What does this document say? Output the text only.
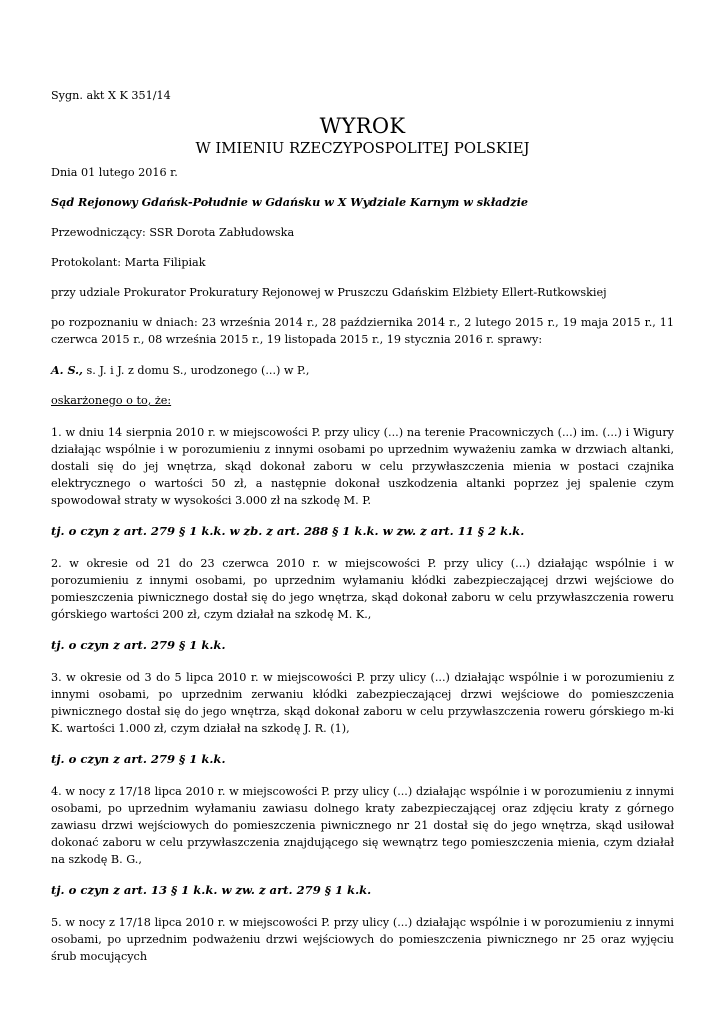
Sygn. akt X K 351/14

WYROK

W IMIENIU RZECZYPOSPOLITEJ POLSKIEJ

Dnia 01 lutego 2016 r.

Sąd Rejonowy Gdańsk-Południe w Gdańsku w X Wydziale Karnym w składzie

Przewodniczący: SSR Dorota Zabłudowska

Protokolant: Marta Filipiak

przy udziale Prokurator Prokuratury Rejonowej w Pruszczu Gdańskim Elżbiety Ellert-Rutkowskiej

po rozpoznaniu w dniach: 23 września 2014 r., 28 października 2014 r., 2 lutego 2015 r., 19 maja 2015 r., 11 czerwca 2015 r., 08 września 2015 r., 19 listopada 2015 r., 19 stycznia 2016 r. sprawy:

A. S., s. J. i J. z domu S., urodzonego (...) w P.,

oskarżonego o to, że:

1. w dniu 14 sierpnia 2010 r. w miejscowości P. przy ulicy (...) na terenie Pracowniczych (...) im. (...) i Wigury działając wspólnie i w porozumieniu z innymi osobami po uprzednim wyważeniu zamka w drzwiach altanki, dostali się do jej wnętrza, skąd dokonał zaboru w celu przywłaszczenia mienia w postaci czajnika elektrycznego o wartości 50 zł, a następnie dokonał uszkodzenia altanki poprzez jej spalenie czym spowodował straty w wysokości 3.000 zł na szkodę M. P.

tj. o czyn z art. 279 § 1 k.k. w zb. z art. 288 § 1 k.k. w zw. z art. 11 § 2 k.k.

2. w okresie od 21 do 23 czerwca 2010 r. w miejscowości P. przy ulicy (...) działając wspólnie i w porozumieniu z innymi osobami, po uprzednim wyłamaniu kłódki zabezpieczającej drzwi wejściowe do pomieszczenia piwnicznego dostał się do jego wnętrza, skąd dokonał zaboru w celu przywłaszczenia roweru górskiego wartości 200 zł, czym działał na szkodę M. K.,

tj. o czyn z art. 279 § 1 k.k.

3. w okresie od 3 do 5 lipca 2010 r. w miejscowości P. przy ulicy (...) działając wspólnie i w porozumieniu z innymi osobami, po uprzednim zerwaniu kłódki zabezpieczającej drzwi wejściowe do pomieszczenia piwnicznego dostał się do jego wnętrza, skąd dokonał zaboru w celu przywłaszczenia roweru górskiego m-ki K. wartości 1.000 zł, czym działał na szkodę J. R. (1),

tj. o czyn z art. 279 § 1 k.k.

4. w nocy z 17/18 lipca 2010 r. w miejscowości P. przy ulicy (...) działając wspólnie i w porozumieniu z innymi osobami, po uprzednim wyłamaniu zawiasu dolnego kraty zabezpieczającej oraz zdjęciu kraty z górnego zawiasu drzwi wejściowych do pomieszczenia piwnicznego nr 21 dostał się do jego wnętrza, skąd usiłował dokonać zaboru w celu przywłaszczenia znajdującego się wewnątrz tego pomieszczenia mienia, czym działał na szkodę B. G.,

tj. o czyn z art. 13 § 1 k.k. w zw. z art. 279 § 1 k.k.

5. w nocy z 17/18 lipca 2010 r. w miejscowości P. przy ulicy (...) działając wspólnie i w porozumieniu z innymi osobami, po uprzednim podważeniu drzwi wejściowych do pomieszczenia piwnicznego nr 25 oraz wyjęciu śrub mocujących
